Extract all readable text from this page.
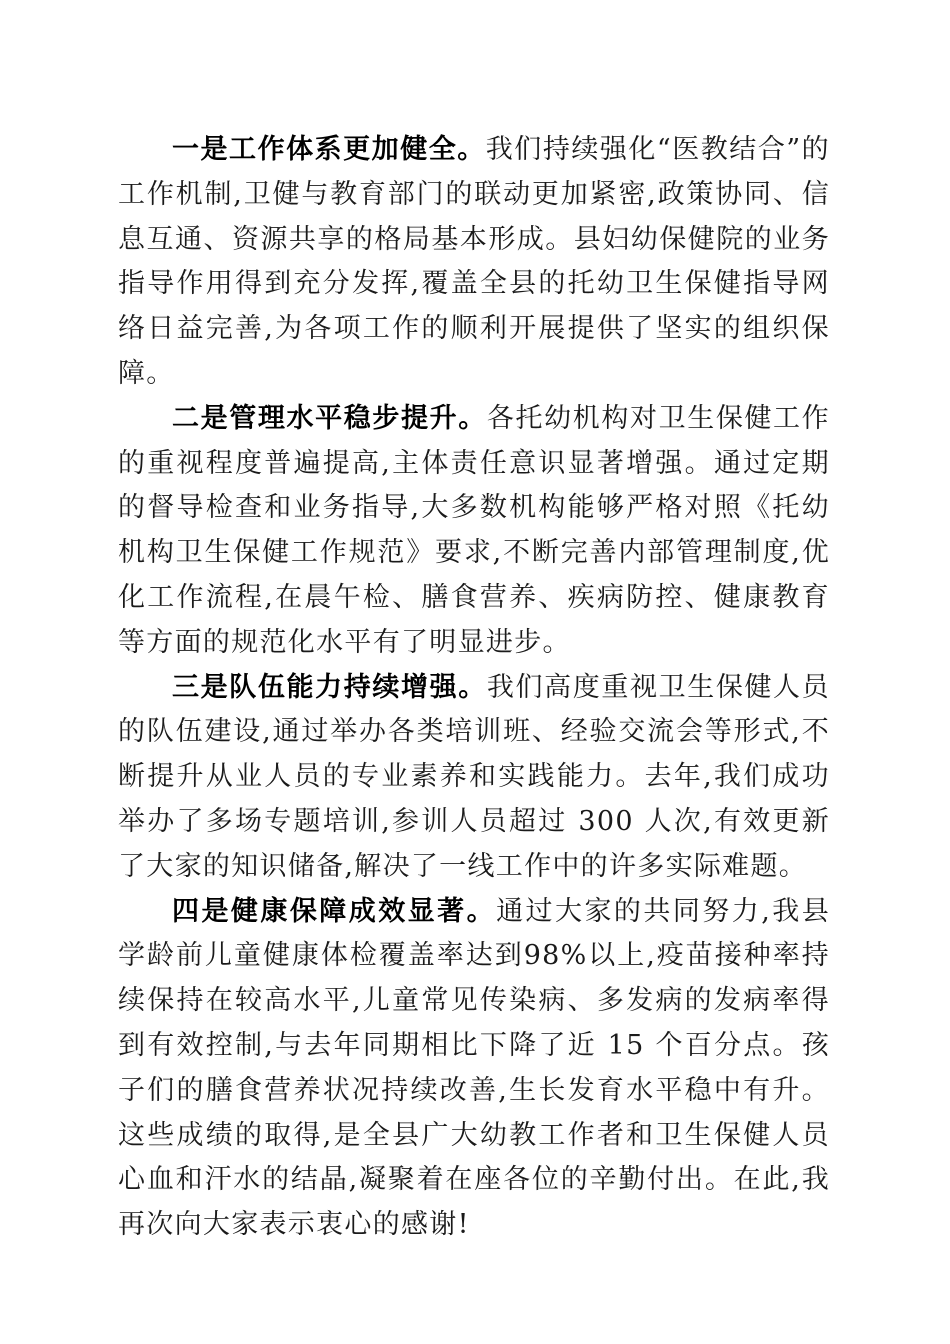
一是工作体系更加健全。我们持续强化“医教结合”的工作机制,卫健与教育部门的联动更加紧密,政策协同、信息互通、资源共享的格局基本形成。县妇幼保健院的业务指导作用得到充分发挥,覆盖全县的托幼卫生保健指导网络日益完善,为各项工作的顺利开展提供了坚实的组织保障。

二是管理水平稳步提升。各托幼机构对卫生保健工作的重视程度普遍提高,主体责任意识显著增强。通过定期的督导检查和业务指导,大多数机构能够严格对照《托幼机构卫生保健工作规范》要求,不断完善内部管理制度,优化工作流程,在晨午检、膳食营养、疾病防控、健康教育等方面的规范化水平有了明显进步。

三是队伍能力持续增强。我们高度重视卫生保健人员的队伍建设,通过举办各类培训班、经验交流会等形式,不断提升从业人员的专业素养和实践能力。去年,我们成功举办了多场专题培训,参训人员超过 300 人次,有效更新了大家的知识储备,解决了一线工作中的许多实际难题。

四是健康保障成效显著。通过大家的共同努力,我县学龄前儿童健康体检覆盖率达到98%以上,疫苗接种率持续保持在较高水平,儿童常见传染病、多发病的发病率得到有效控制,与去年同期相比下降了近 15 个百分点。孩子们的膳食营养状况持续改善,生长发育水平稳中有升。这些成绩的取得,是全县广大幼教工作者和卫生保健人员心血和汗水的结晶,凝聚着在座各位的辛勤付出。在此,我再次向大家表示衷心的感谢!
